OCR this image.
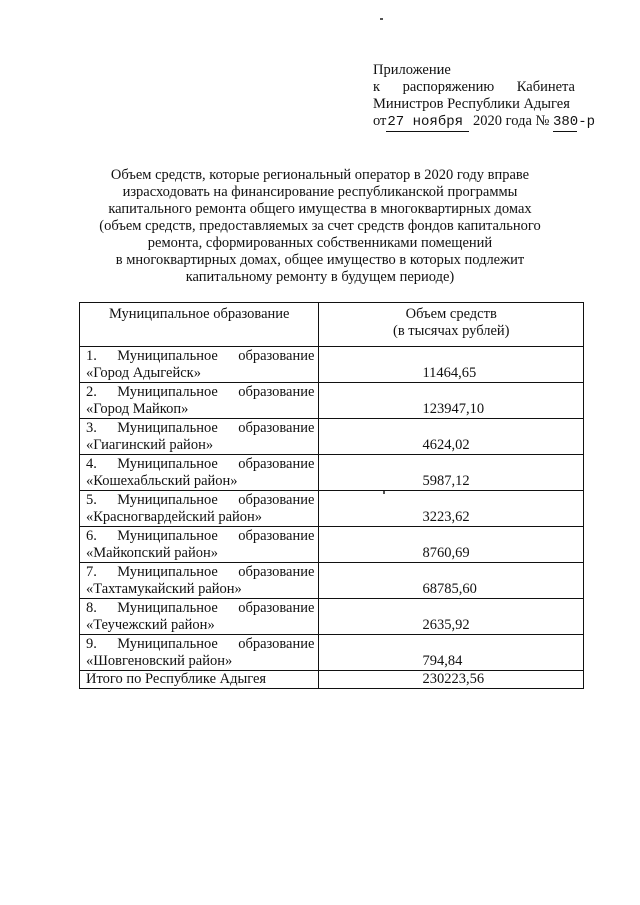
Приложение
к распоряжению Кабинета
Министров Республики Адыгея
от27 ноября 2020 года № 380-р
Объем средств, которые региональный оператор в 2020 году вправе
израсходовать на финансирование республиканской программы
капитального ремонта общего имущества в многоквартирных домах
(объем средств, предоставляемых за счет средств фондов капитального
ремонта, сформированных собственниками помещений
в многоквартирных домах, общее имущество в которых подлежит
капитальному ремонту в будущем периоде)
Муниципальное образование	Объем средств
(в тысячах рублей)

1. Муниципальное образование
«Город Адыгейск»	11464,65

2. Муниципальное образование
«Город Майкоп»	123947,10

3. Муниципальное образование
«Гиагинский район»	4624,02

4. Муниципальное образование
«Кошехабльский район»	5987,12

5. Муниципальное образование
«Красногвардейский район»	3223,62

6. Муниципальное образование
«Майкопский район»	8760,69

7. Муниципальное образование
«Тахтамукайский район»	68785,60

8. Муниципальное образование
«Теучежский район»	2635,92

9. Муниципальное образование
«Шовгеновский район»	794,84
Итого по Республике Адыгея	230223,56
